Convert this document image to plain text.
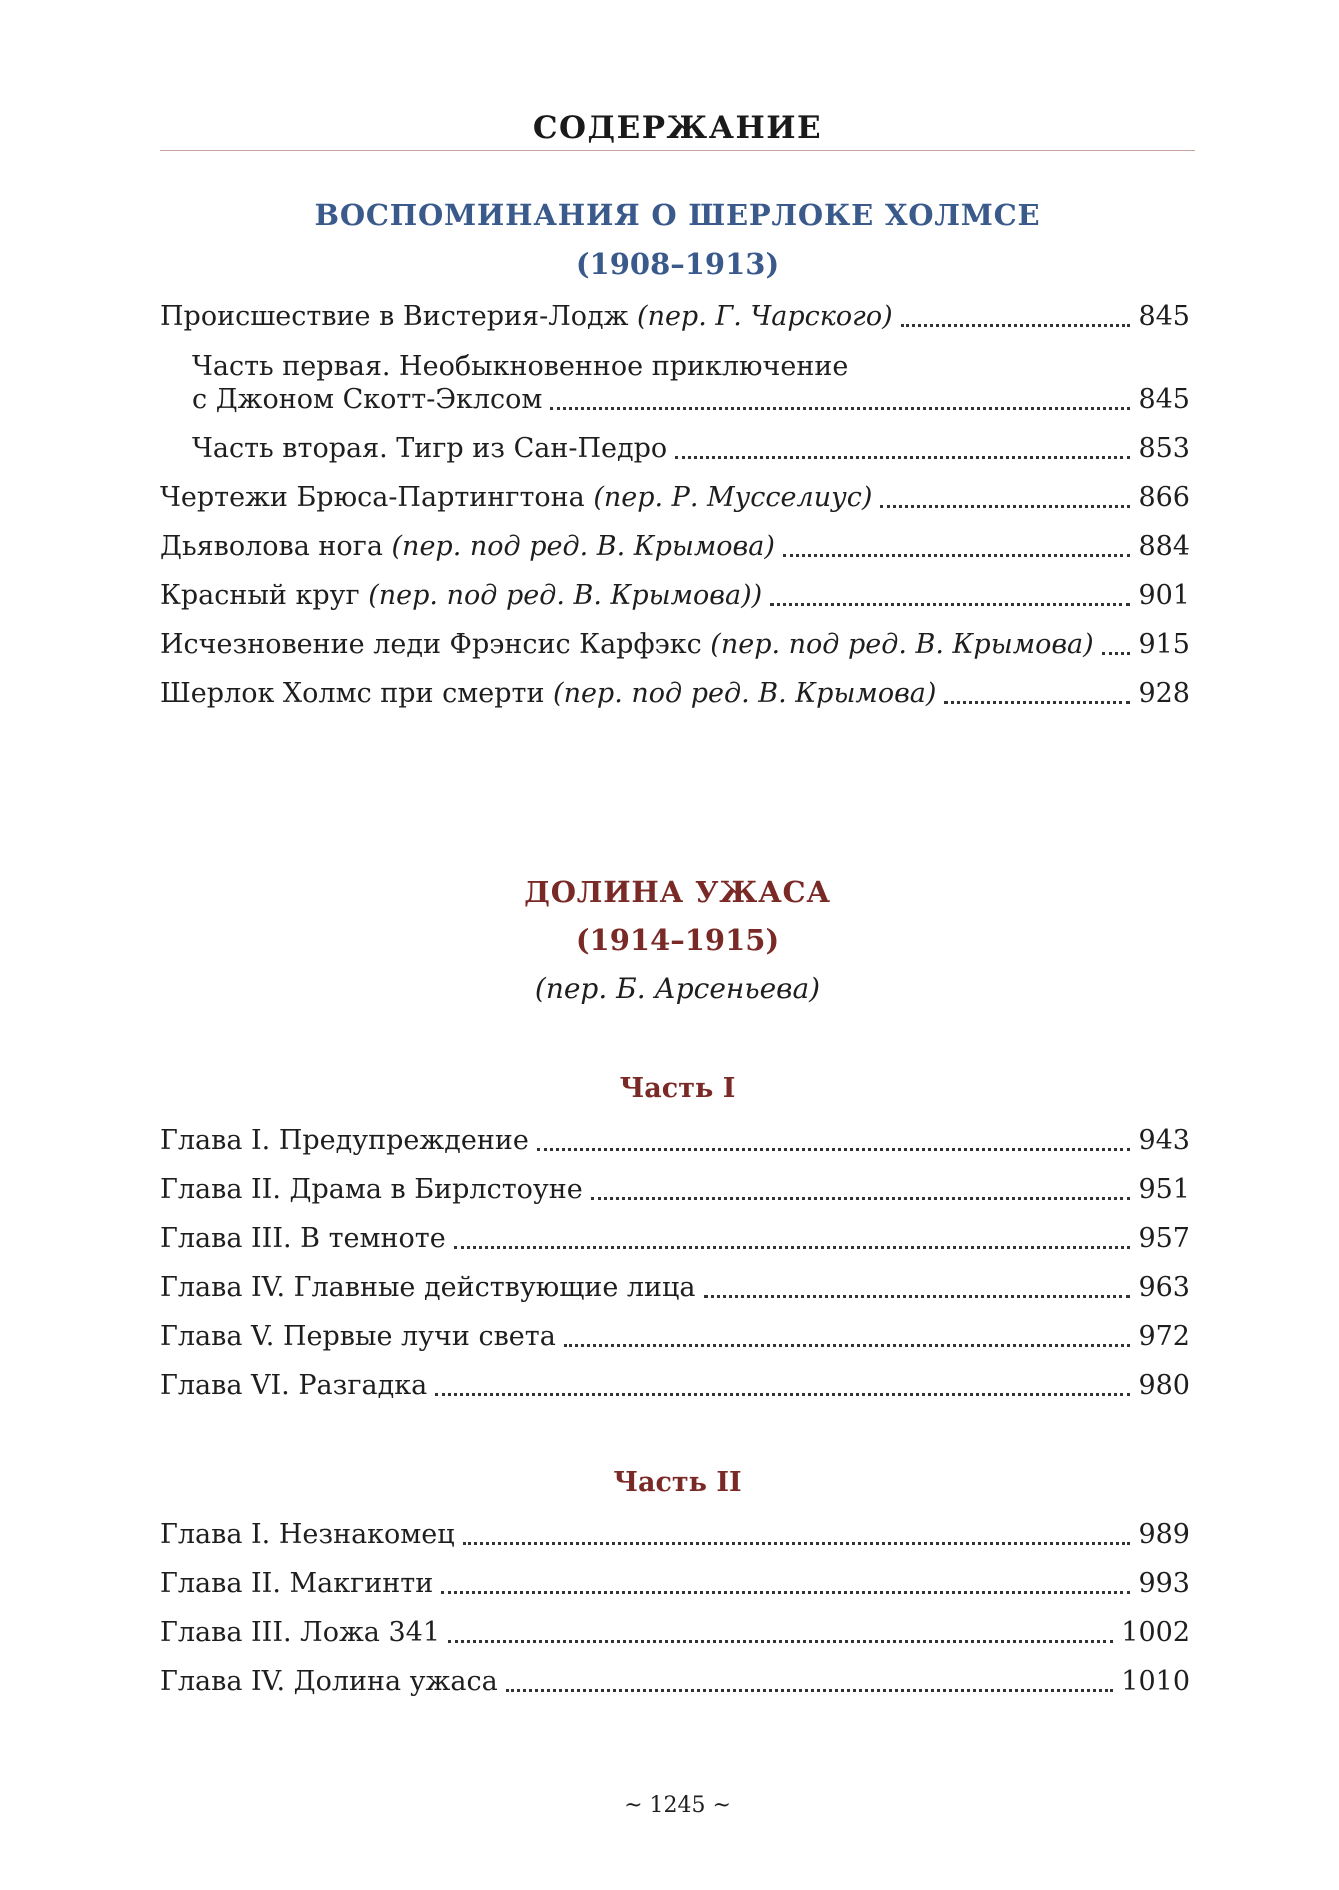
СОДЕРЖАНИЕ
ВОСПОМИНАНИЯ О ШЕРЛОКЕ ХОЛМСЕ
(1908–1913)
Происшествие в Вистерия-Лодж (пер. Г. Чарского)	845
Часть первая. Необыкновенное приключение
с Джоном Скотт-Эклсом	845
Часть вторая. Тигр из Сан-Педро	853
Чертежи Брюса-Партингтона (пер. Р. Мусселиус)	866
Дьяволова нога (пер. под ред. В. Крымова)	884
Красный круг (пер. под ред. В. Крымова))	901
Исчезновение леди Фрэнсис Карфэкс (пер. под ред. В. Крымова) 915
Шерлок Холмс при смерти (пер. под ред. В. Крымова)	928
ДОЛИНА УЖАСА
(1914–1915)
(пер. Б. Арсеньева)
Часть I
Глава I. Предупреждение	943
Глава II. Драма в Бирлстоуне	951
Глава III. В темноте	957
Глава IV. Главные действующие лица	963
Глава V. Первые лучи света	972
Глава VI. Разгадка	980
Часть II
Глава I. Незнакомец	989
Глава II. Макгинти	993
Глава III. Ложа 341	1002
Глава IV. Долина ужаса	1010
~ 1245 ~
